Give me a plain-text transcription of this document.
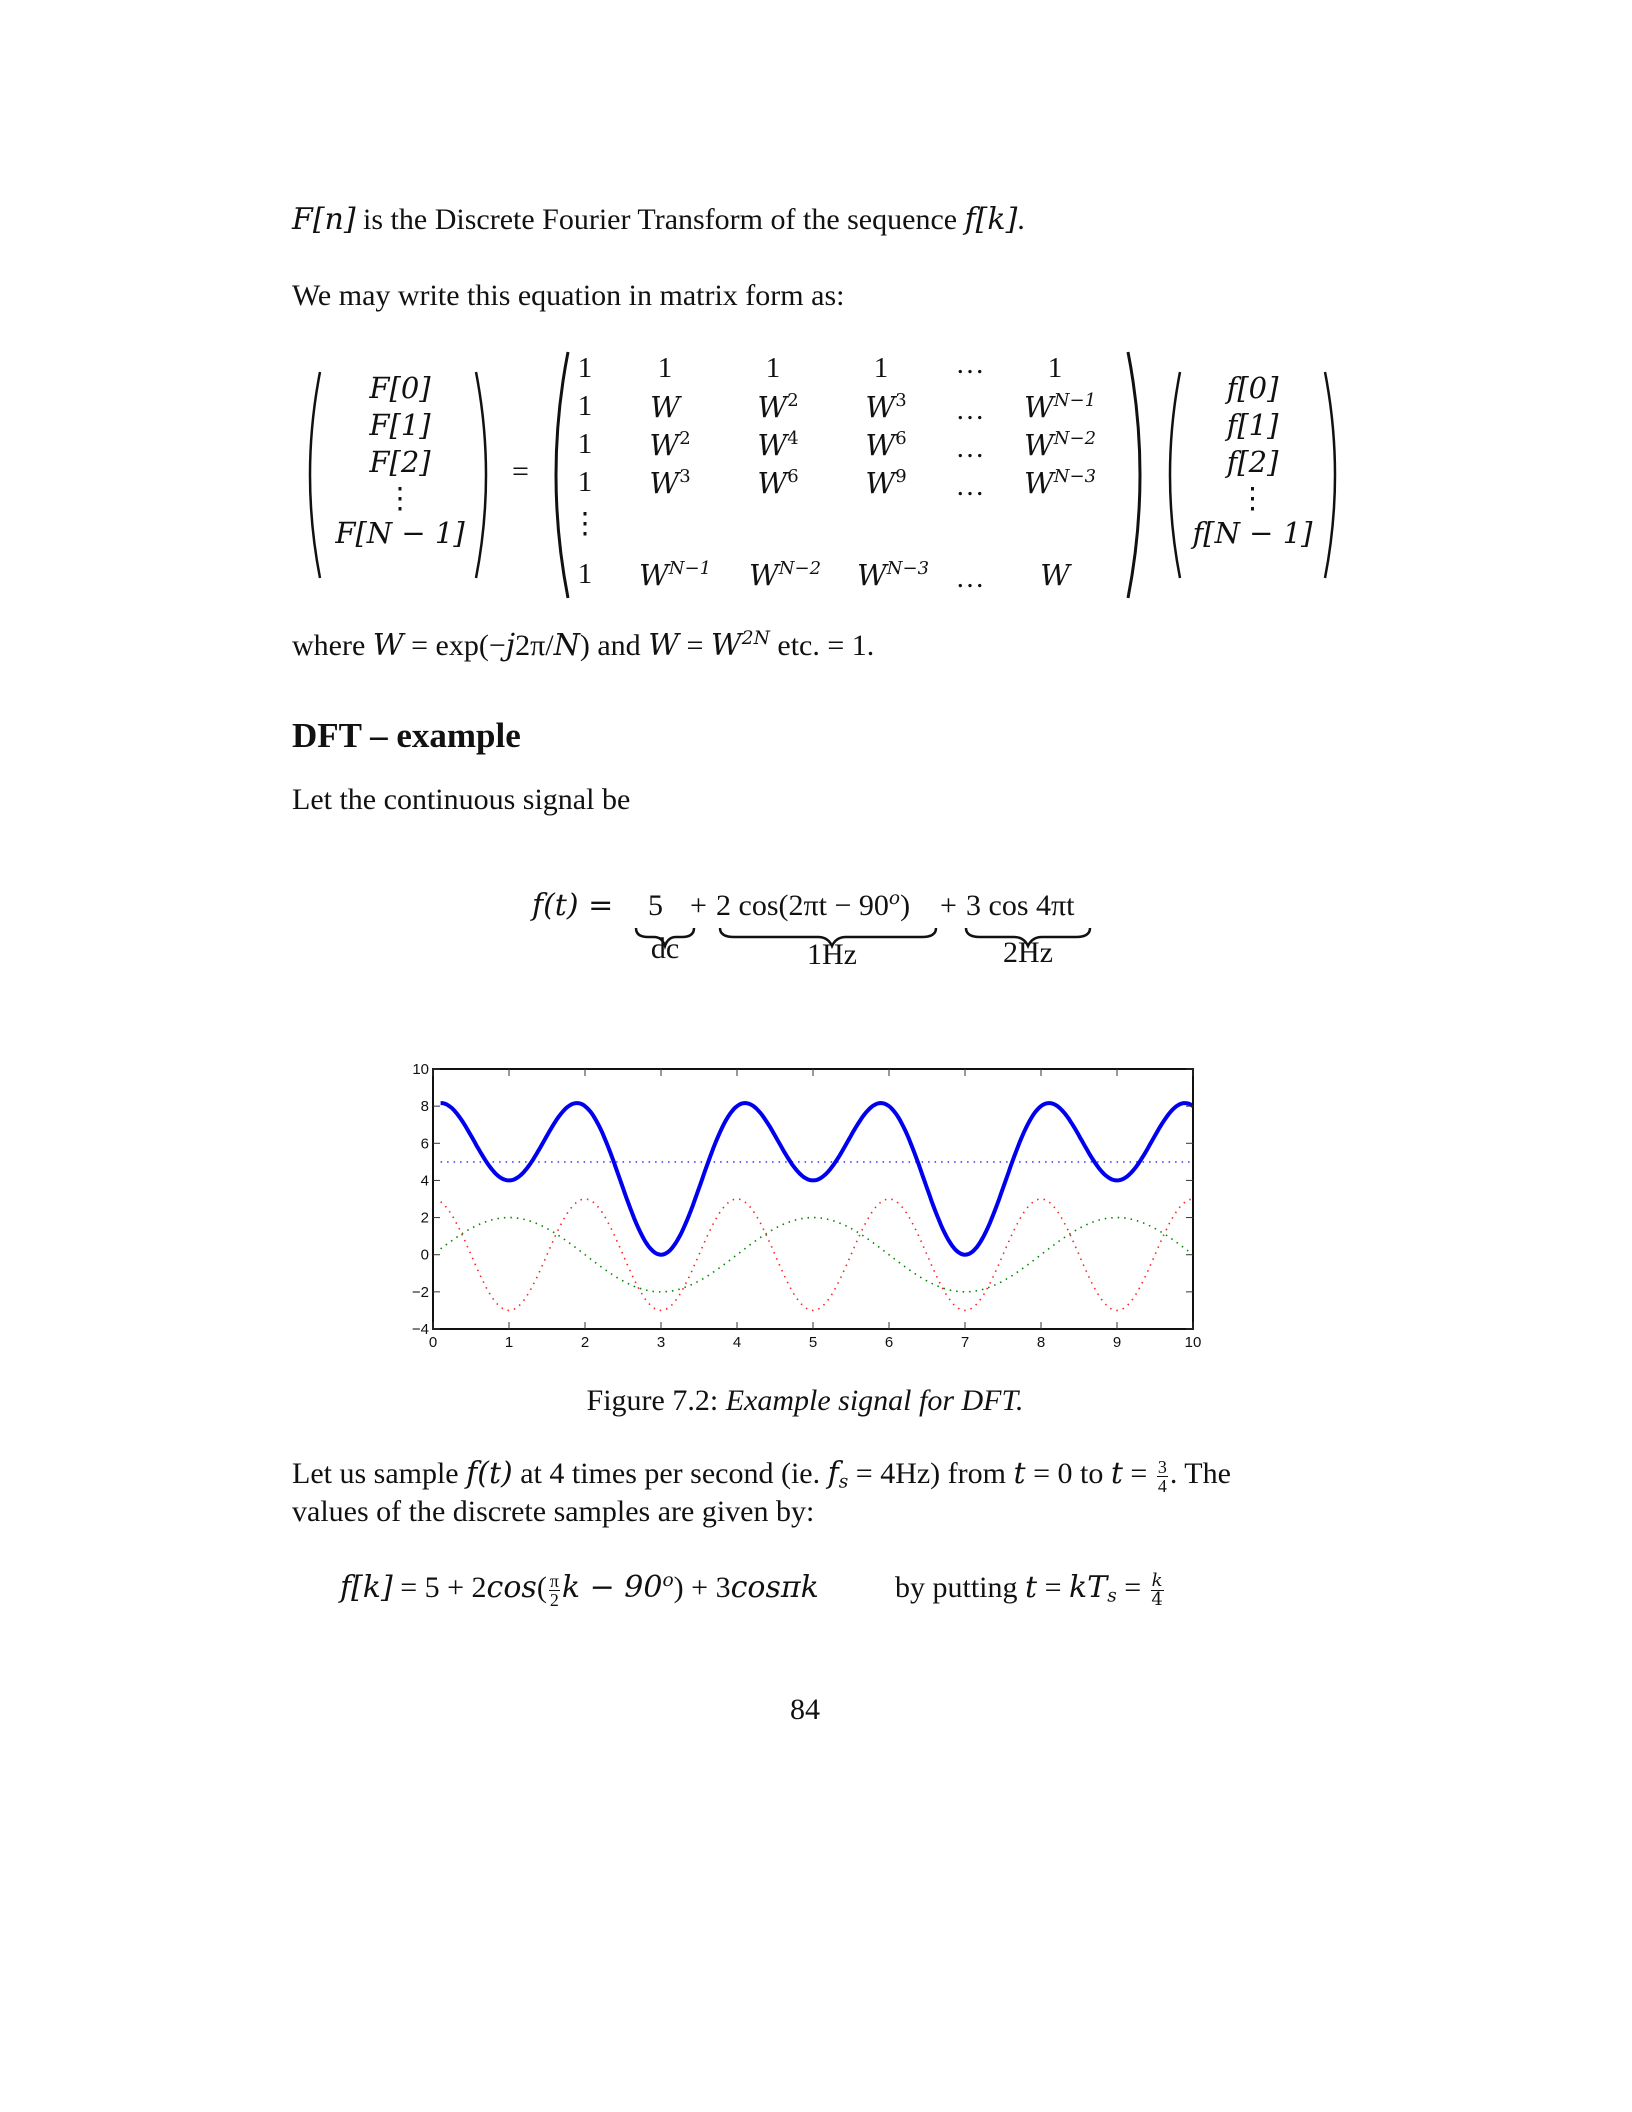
F[n] is the Discrete Fourier Transform of the sequence f[k].
We may write this equation in matrix form as:
F[0]
F[1]
F[2]
⋮
F[N − 1]
=
1	1	1	1	…	1
1	W	$W^2$	$W^3$	…	$W^{N-1}$
1	$W^2$	$W^4$	$W^6$	…	$W^{N-2}$
1	$W^3$	$W^6$	$W^9$	…	$W^{N-3}$
⋮
1	$W^{N-1}$	$W^{N-2}$	$W^{N-3}$ …	W
f[0]
f[1]
f[2]
⋮
f[N − 1]
where W = exp(−j2π/N) and $W = W^{2N}$ etc. = 1.
DFT – example
Let the continuous signal be
f(t) = 5 + 2 $\cos(2\pi t - 90^o) + 3$ cos 4πt
dc	1Hz	2Hz
0	1	2	3	4	5	6	7	8	9	10
10
8
6
4
2
0
−2
−4
Figure 7.2: Example signal for DFT.
Let us sample f(t) at 4 times per second (ie. $f_s = 4Hz$) from t = 0 to $t = \frac{3}{4}$ . The
values of the discrete samples are given by:
$f[k] = 5 + 2\cos( \frac{\pi}{2}$ $k - 90^o) + 3\cos\pi k$	by putting $t = kT_s = \frac{k}{4}$
84
